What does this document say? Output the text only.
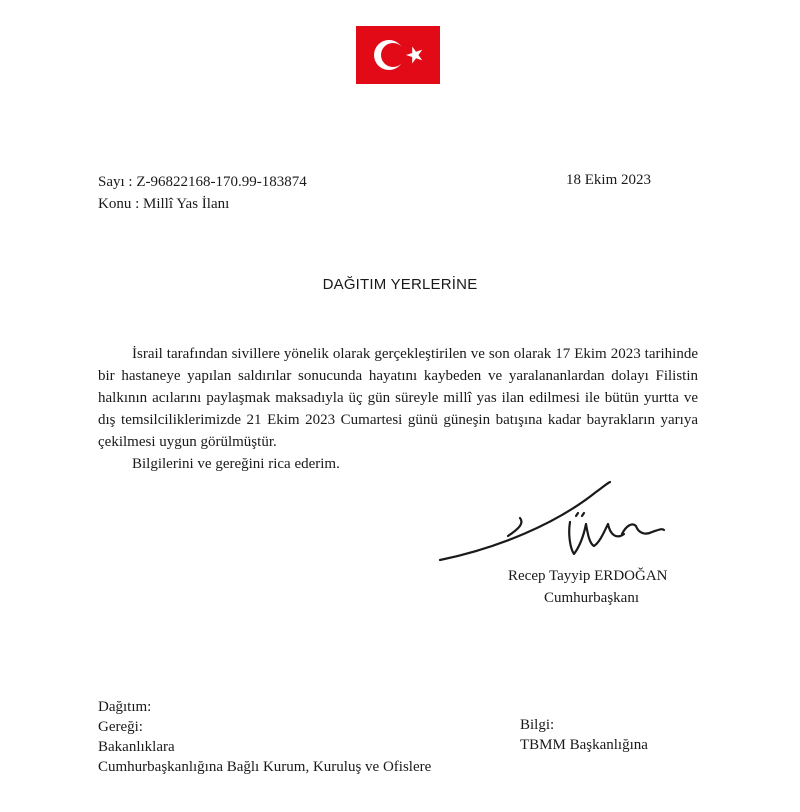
Sayı : Z-96822168-170.99-183874
Konu : Millî Yas İlanı
18 Ekim 2023
DAĞITIM YERLERİNE

İsrail tarafından sivillere yönelik olarak gerçekleştirilen ve son olarak 17 Ekim 2023 tarihinde bir hastaneye yapılan saldırılar sonucunda hayatını kaybeden ve yaralananlardan dolayı Filistin halkının acılarını paylaşmak maksadıyla üç gün süreyle millî yas ilan edilmesi ile bütün yurtta ve dış temsilciliklerimizde 21 Ekim 2023 Cumartesi günü güneşin batışına kadar bayrakların yarıya çekilmesi uygun görülmüştür.

Bilgilerini ve gereğini rica ederim.

Recep Tayyip ERDOĞAN
Cumhurbaşkanı
Dağıtım:
Gereği:
Bakanlıklara
Cumhurbaşkanlığına Bağlı Kurum, Kuruluş ve Ofislere
Bilgi:
TBMM Başkanlığına
